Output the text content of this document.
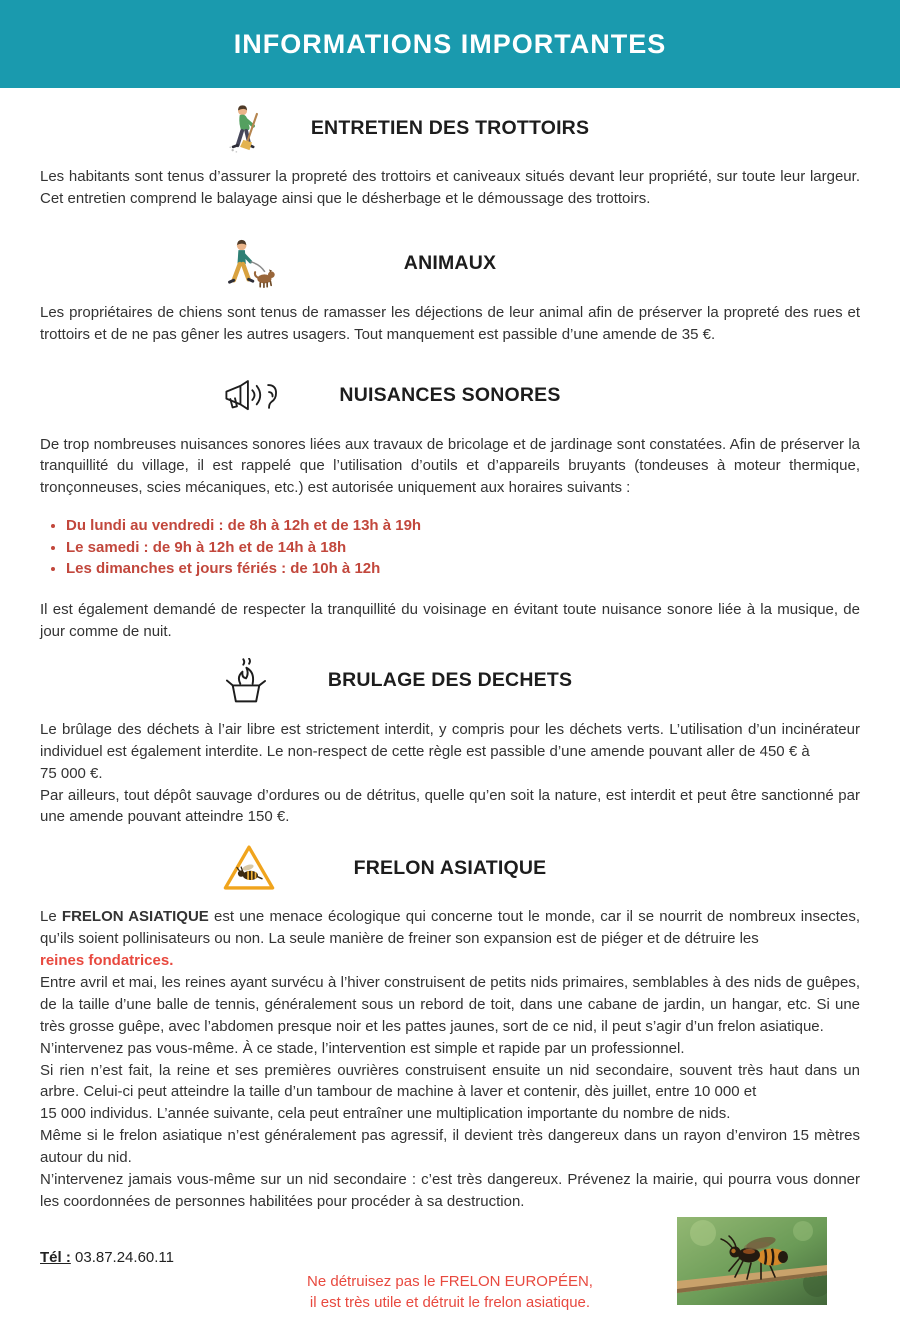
INFORMATIONS IMPORTANTES
ENTRETIEN DES TROTTOIRS

Les habitants sont tenus d’assurer la propreté des trottoirs et caniveaux situés devant leur propriété, sur toute leur largeur. Cet entretien comprend le balayage ainsi que le désherbage et le démoussage des trottoirs.

ANIMAUX

Les propriétaires de chiens sont tenus de ramasser les déjections de leur animal afin de préserver la propreté des rues et trottoirs et de ne pas gêner les autres usagers. Tout manquement est passible d’une amende de 35 €.

NUISANCES SONORES

De trop nombreuses nuisances sonores liées aux travaux de bricolage et de jardinage sont constatées. Afin de préserver la tranquillité du village, il est rappelé que l’utilisation d’outils et d’appareils bruyants (tondeuses à moteur thermique, tronçonneuses, scies mécaniques, etc.) est autorisée uniquement aux horaires suivants :

• Du lundi au vendredi : de 8h à 12h et de 13h à 19h
• Le samedi : de 9h à 12h et de 14h à 18h
• Les dimanches et jours fériés : de 10h à 12h

Il est également demandé de respecter la tranquillité du voisinage en évitant toute nuisance sonore liée à la musique, de jour comme de nuit.

BRULAGE DES DECHETS

Le brûlage des déchets à l’air libre est strictement interdit, y compris pour les déchets verts. L’utilisation d’un incinérateur individuel est également interdite. Le non-respect de cette règle est passible d’une amende pouvant aller de 450 € à
75 000 €.

Par ailleurs, tout dépôt sauvage d’ordures ou de détritus, quelle qu’en soit la nature, est interdit et peut être sanctionné par une amende pouvant atteindre 150 €.

FRELON ASIATIQUE

Le FRELON ASIATIQUE est une menace écologique qui concerne tout le monde, car il se nourrit de nombreux insectes, qu’ils soient pollinisateurs ou non. La seule manière de freiner son expansion est de piéger et de détruire les
reines fondatrices.

Entre avril et mai, les reines ayant survécu à l’hiver construisent de petits nids primaires, semblables à des nids de guêpes, de la taille d’une balle de tennis, généralement sous un rebord de toit, dans une cabane de jardin, un hangar, etc. Si une très grosse guêpe, avec l’abdomen presque noir et les pattes jaunes, sort de ce nid, il peut s’agir d’un frelon asiatique.

N’intervenez pas vous-même. À ce stade, l’intervention est simple et rapide par un professionnel.

Si rien n’est fait, la reine et ses premières ouvrières construisent ensuite un nid secondaire, souvent très haut dans un arbre. Celui-ci peut atteindre la taille d’un tambour de machine à laver et contenir, dès juillet, entre 10 000 et
15 000 individus. L’année suivante, cela peut entraîner une multiplication importante du nombre de nids.

Même si le frelon asiatique n’est généralement pas agressif, il devient très dangereux dans un rayon d’environ 15 mètres autour du nid.

N’intervenez jamais vous-même sur un nid secondaire : c’est très dangereux. Prévenez la mairie, qui pourra vous donner les coordonnées de personnes habilitées pour procéder à sa destruction.

Tél : 03.87.24.60.11
Ne détruisez pas le FRELON EUROPÉEN,
il est très utile et détruit le frelon asiatique.
